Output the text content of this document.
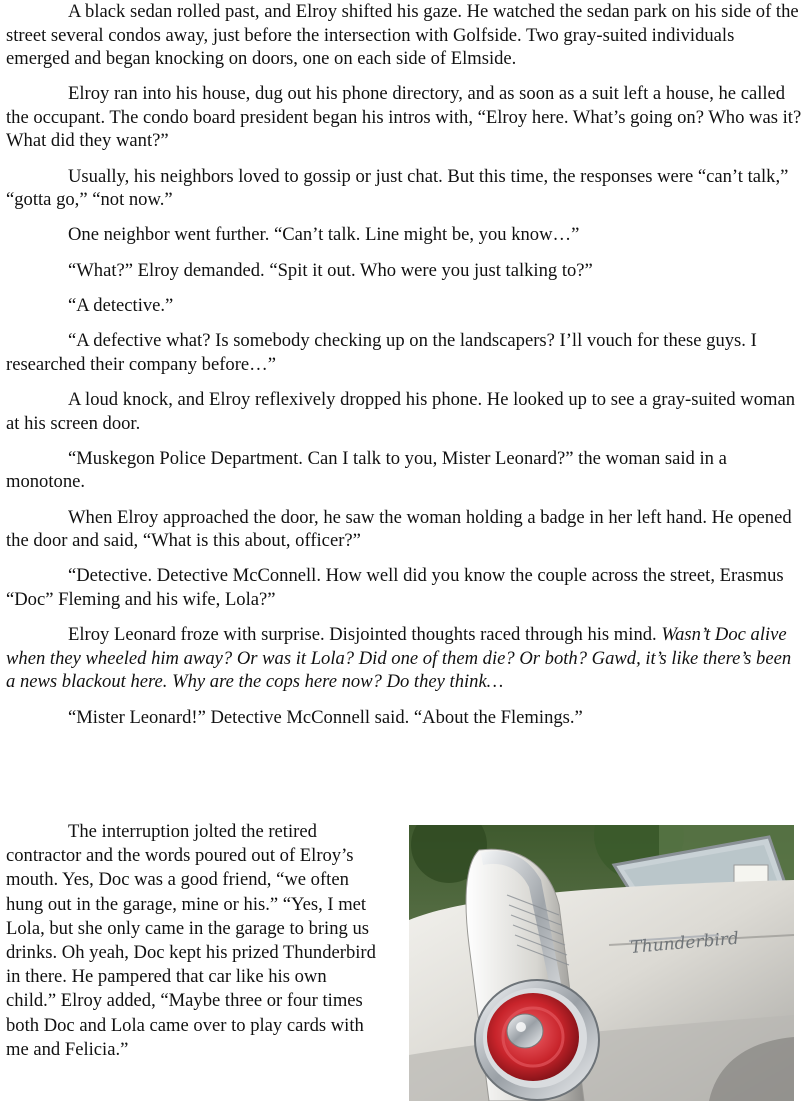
A black sedan rolled past, and Elroy shifted his gaze. He watched the sedan park on his side of the street several condos away, just before the intersection with Golfside. Two gray-suited individuals emerged and began knocking on doors, one on each side of Elmside.

Elroy ran into his house, dug out his phone directory, and as soon as a suit left a house, he called the occupant. The condo board president began his intros with, “Elroy here. What’s going on? Who was it? What did they want?”

Usually, his neighbors loved to gossip or just chat. But this time, the responses were “can’t talk,” “gotta go,” “not now.”

One neighbor went further. “Can’t talk. Line might be, you know…”

“What?” Elroy demanded. “Spit it out. Who were you just talking to?”

“A detective.”

“A defective what? Is somebody checking up on the landscapers? I’ll vouch for these guys. I researched their company before…”

A loud knock, and Elroy reflexively dropped his phone. He looked up to see a gray-suited woman at his screen door.

“Muskegon Police Department. Can I talk to you, Mister Leonard?” the woman said in a monotone.

When Elroy approached the door, he saw the woman holding a badge in her left hand. He opened the door and said, “What is this about, officer?”

“Detective. Detective McConnell. How well did you know the couple across the street, Erasmus “Doc” Fleming and his wife, Lola?”

Elroy Leonard froze with surprise. Disjointed thoughts raced through his mind. Wasn’t Doc alive when they wheeled him away? Or was it Lola? Did one of them die? Or both? Gawd, it’s like there’s been a news blackout here. Why are the cops here now? Do they think…

“Mister Leonard!” Detective McConnell said. “About the Flemings.”

The interruption jolted the retired contractor and the words poured out of Elroy’s mouth. Yes, Doc was a good friend, “we often hung out in the garage, mine or his.” “Yes, I met Lola, but she only came in the garage to bring us drinks. Oh yeah, Doc kept his prized Thunderbird in there. He pampered that car like his own child.” Elroy added, “Maybe three or four times both Doc and Lola came over to play cards with me and Felicia.”

Thunderbird
